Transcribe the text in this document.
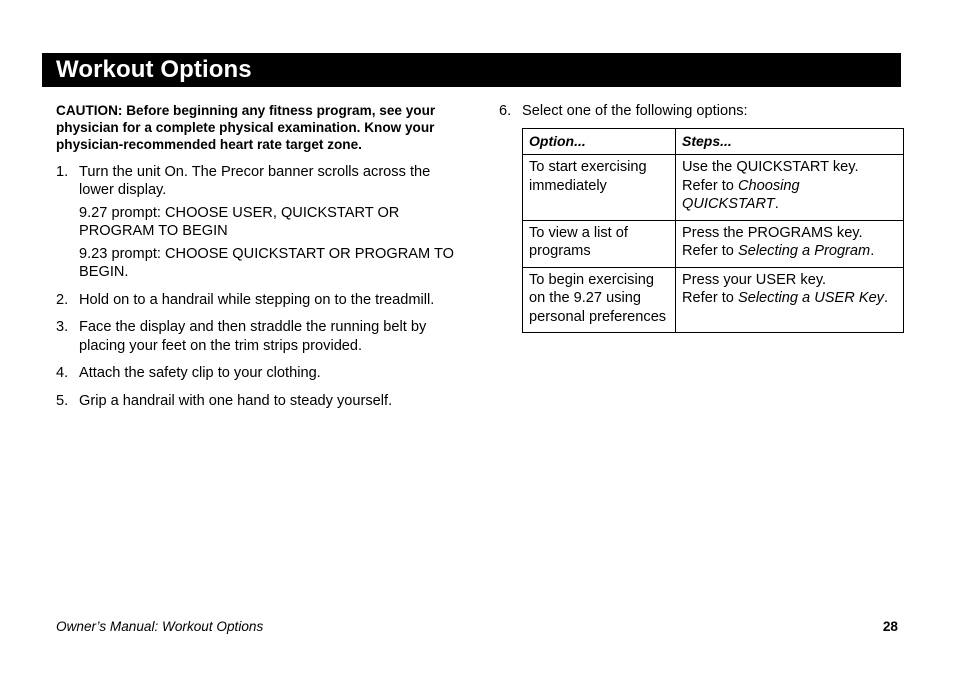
Workout Options

CAUTION: Before beginning any fitness program, see your physician for a complete physical examination. Know your physician-recommended heart rate target zone.

1. Turn the unit On. The Precor banner scrolls across the lower display.
9.27 prompt: CHOOSE USER, QUICKSTART OR PROGRAM TO BEGIN
9.23 prompt: CHOOSE QUICKSTART OR PROGRAM TO BEGIN.
2. Hold on to a handrail while stepping on to the treadmill.
3. Face the display and then straddle the running belt by placing your feet on the trim strips provided.
4. Attach the safety clip to your clothing.
5. Grip a handrail with one hand to steady yourself.

6. Select one of the following options:

Option...	Steps...
To start exercising immediately	Use the QUICKSTART key.
Refer to Choosing QUICKSTART.

To view a list of programs	Press the PROGRAMS key.
Refer to Selecting a Program.

To begin exercising on the 9.27 using personal preferences	Press your USER key.
Refer to Selecting a USER Key.
Owner’s Manual: Workout Options	28
